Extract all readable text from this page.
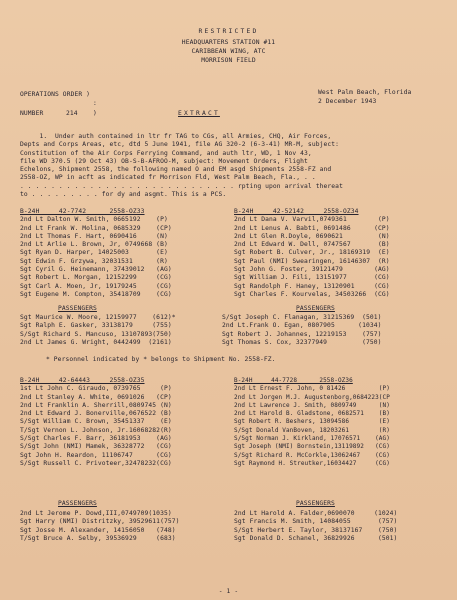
RESTRICTED
HEADQUARTERS STATION #11
CARIBBEAN WING, ATC
MORRISON FIELD
OPERATIONS ORDER )
:
NUMBER	214 )	EXTRACT
West Palm Beach, Florida
2 December 1943
1.  Under auth contained in ltr fr TAG to CGs, all Armies, CHQ, Air Forces,
Depts and Corps Areas, etc, dtd 5 June 1941, file AG 320-2 (6-3-41) MR-M, subject:
Constitution of the Air Corps Ferrying Command, and auth ltr, WD, 1 Nov 43,
file WD 370.5 (29 Oct 43) OB-S-B-AFROO-M, subject: Movement Orders, Flight
Echelons, Shipment 2558, the following named O and EM asgd Shipments 2558-FZ and
2558-OZ, WP in acft as indicated fr Morrison Fld, West Palm Beach, Fla., . .
. . . . . . . . . . . . . . . . . . . . . . . . . . . . rpting upon arrival thereat
to . . . . . . . . . for dy and asgmt. This is a PCS.
B-24H     42-7742      2558-OZ33
2nd Lt Dalton W. Smith, 0665192    (P)
2nd Lt Frank W. Molina, 0685329    (CP)
2nd Lt Thomas F. Hart, 0690416     (N)
2nd Lt Arlie L. Brown, Jr, 0749668 (B)
Sgt Ryan D. Harper, 14025003       (E)
Sgt Edwin F. Grzywa, 32031531      (R)
Sgt Cyril G. Heinemann, 37439012   (AG)
Sgt Robert L. Morgan, 12152299     (CG)
Sgt Carl A. Moen, Jr, 19179245     (CG)
Sgt Eugene M. Compton, 35418709    (CG)
B-24H     42-52142     2558-OZ34
2nd Lt Dana V. Varvil,0749361        (P)
2nd Lt Lenus A. Babti, 0691486      (CP)
2nd Lt Glen R.Doyle, 0690621         (N)
2nd Lt Edward W. Dell, 0747567       (B)
Sgt Robert B. Culver, Jr., 18169319  (E)
Sgt Paul (NMI) Swearingen, 16146307  (R)
Sgt John G. Foster, 39121479        (AG)
Sgt William J. Fili, 13151977       (CG)
Sgt Randolph F. Haney, 13120901     (CG)
Sgt Charles F. Kourvelas, 34503266  (CG)
PASSENGERS	PASSENGERS
Sgt Maurice W. Moore, 12159977    (612)*
Sgt Ralph E. Gasker, 33138179     (755)
S/Sgt Richard S. Mancuso, 13107893(750)
2nd Lt James G. Wright, 0442499  (2161)
S/Sgt Joseph C. Flanagan, 31215369  (501)
2nd Lt.Frank O. Egan, 0807905      (1034)
Sgt Robert J. Johannes, 12219153    (757)
Sgt Thomas S. Cox, 32377949         (750)
* Personnel indicated by * belongs to Shipment No. 2558-FZ.
B-24H     42-64443     2558-OZ35
1st Lt John C. Giraudo, 0739765     (P)
2nd Lt Stanley A. White, 0691026   (CP)
2nd Lt Franklin A. Sherrill,0809745 (N)
2nd Lt Edward J. Bonerville,0676522 (B)
S/Sgt William C. Brown, 35451337    (E)
T/Sgt Vernon L. Johnson, Jr.16068282(R)
S/Sgt Charles F. Barr, 36181953    (AG)
S/Sgt John (NMI) Mamek, 36328772   (CG)
Sgt John H. Reardon, 11106747      (CG)
S/Sgt Russell C. Privoteer,32478232(CG)
B-24H     44-7728      2558-OZ36
2nd Lt Ernest F. John, 0 81426         (P)
2nd Lt Jorgen M.J. Augustenborg,0684223(CP
2nd Lt Lawrence J. Smith, 0809749      (N)
2nd Lt Harold B. Gladstone, 0682571    (B)
Sgt Robert R. Beshers, 13094586        (E)
S/Sgt Donald VanBoven, 18203261        (R)
S/Sgt Norman J. Kirkland, 17076571    (AG)
Sgt Joseph (NMI) Bornstein,13119892   (CG)
S/Sgt Richard R. McCorkle,13062467    (CG)
Sgt Raymond H. Streutker,16034427     (CG)
PASSENGERS	PASSENGERS
2nd Lt Jerome P. Dowd,III,0749709(1035)
Sgt Harry (NMI) Distritzky, 39529611(757)
Sgt Josse M. Alexander, 14156050   (748)
T/Sgt Bruce A. Selby, 39536929     (683)
2nd Lt Harold A. Falder,0690070     (1024)
Sgt Francis M. Smith, 14084055       (757)
S/Sgt Herbert E. Taylor, 38137167    (750)
Sgt Donald D. Schanel, 36829926      (501)
- 1 -
